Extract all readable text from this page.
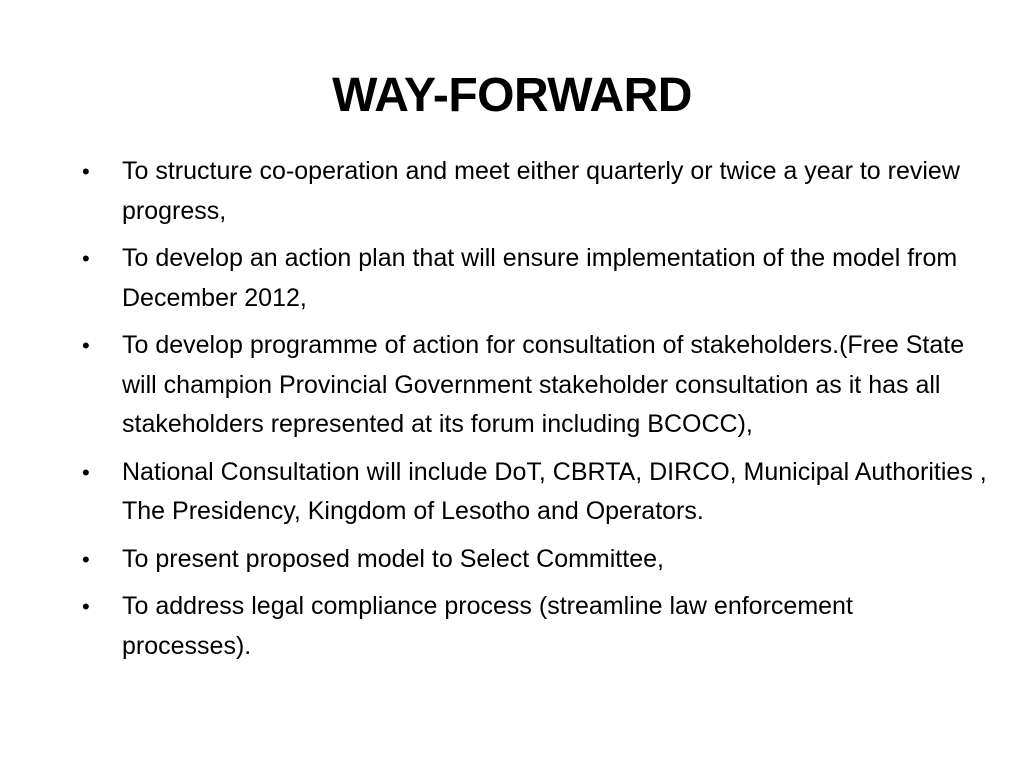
WAY-FORWARD
•	To structure co-operation and meet either quarterly or twice a year to review progress,
•	To develop an action plan that will ensure implementation of the model from December 2012,
•	To develop programme of action for consultation of stakeholders.(Free State will champion Provincial Government stakeholder consultation as it has all stakeholders represented at its forum including BCOCC),
•	National Consultation will include DoT, CBRTA, DIRCO, Municipal Authorities , The Presidency, Kingdom of Lesotho and Operators.
•	To present proposed model to Select Committee,
•	To address legal compliance process (streamline law enforcement processes).
